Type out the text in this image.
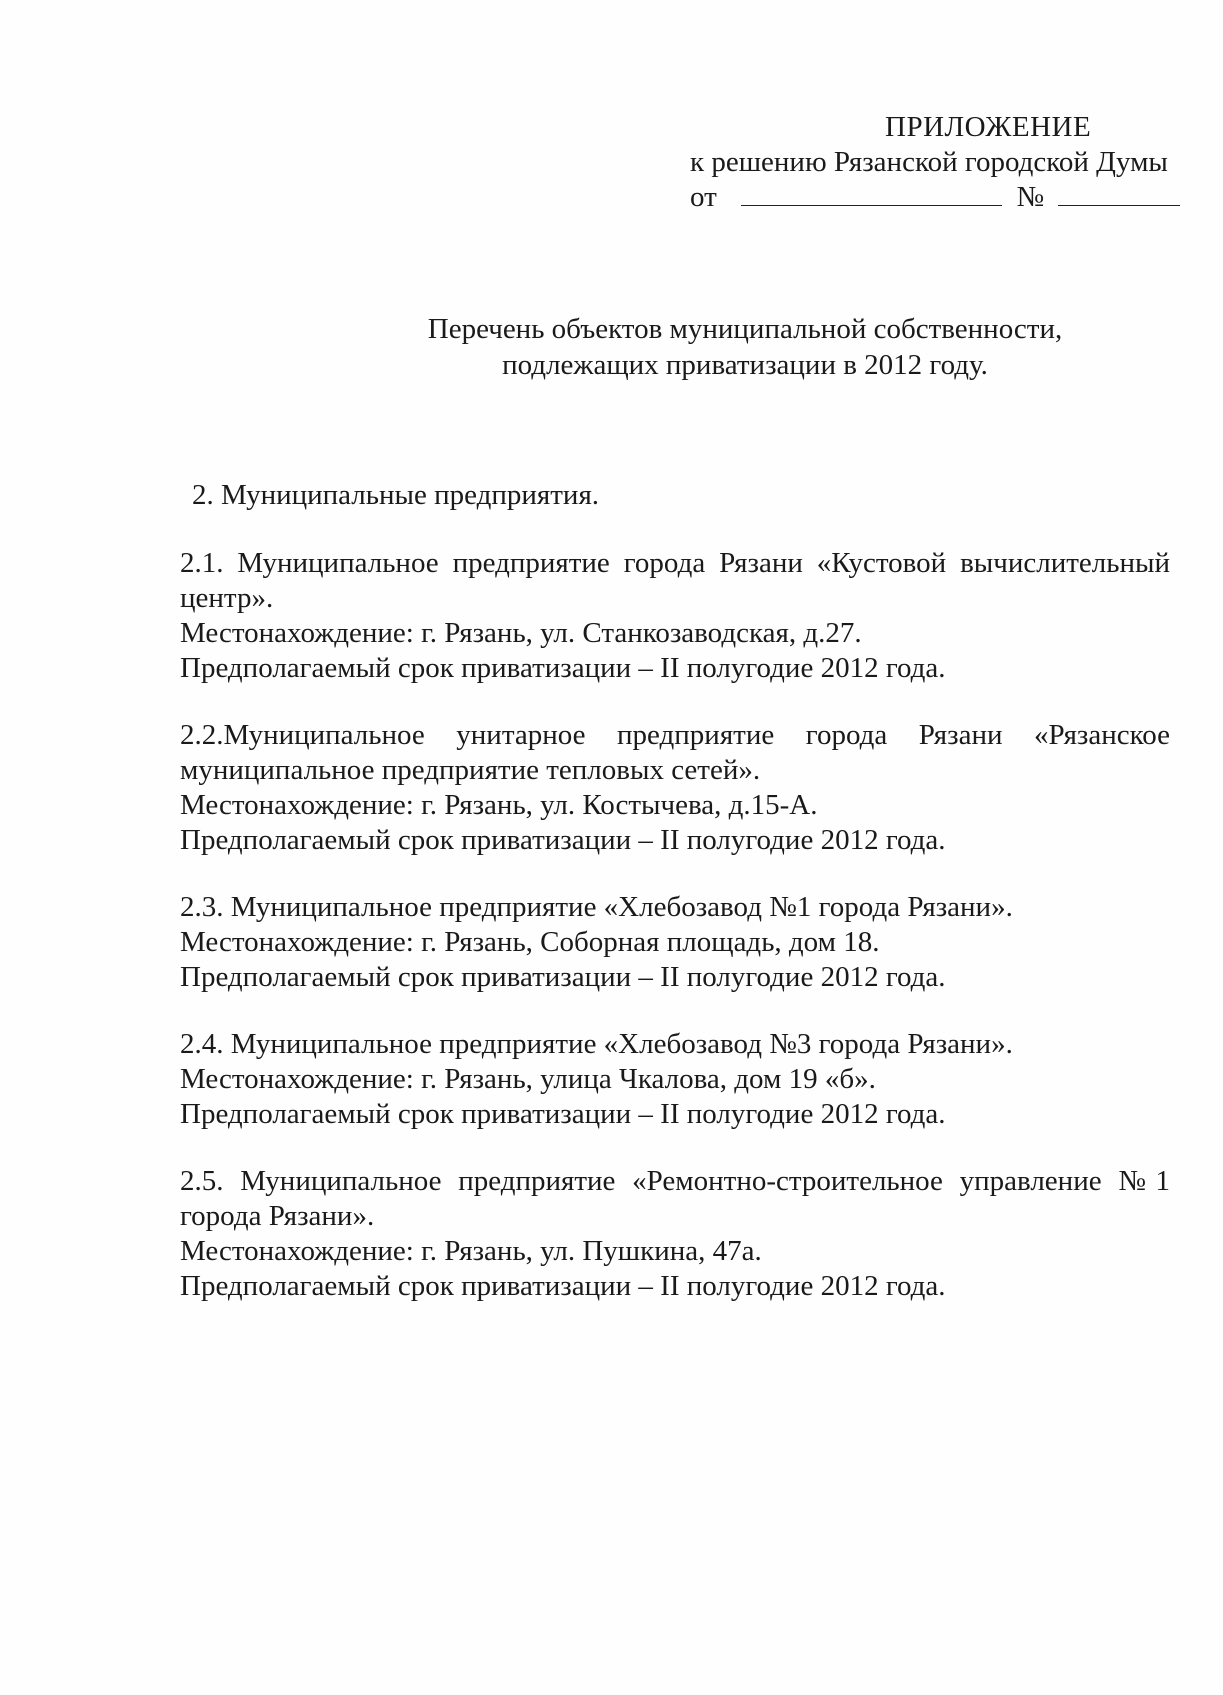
ПРИЛОЖЕНИЕ
к решению Рязанской городской Думы
от	№
Перечень объектов муниципальной собственности,
подлежащих приватизации в 2012 году.
2. Муниципальные предприятия.
2.1. Муниципальное предприятие города Рязани «Кустовой вычислительный центр».
Местонахождение: г. Рязань, ул. Станкозаводская, д.27.
Предполагаемый срок приватизации – II полугодие 2012 года.
2.2.Муниципальное унитарное предприятие города Рязани «Рязанское муниципальное предприятие тепловых сетей».
Местонахождение: г. Рязань, ул. Костычева, д.15-А.
Предполагаемый срок приватизации – II полугодие 2012 года.
2.3. Муниципальное предприятие «Хлебозавод №1 города Рязани».
Местонахождение: г. Рязань, Соборная площадь, дом 18.
Предполагаемый срок приватизации – II полугодие 2012 года.
2.4. Муниципальное предприятие «Хлебозавод №3 города Рязани».
Местонахождение: г. Рязань, улица Чкалова, дом 19 «б».
Предполагаемый срок приватизации – II полугодие 2012 года.
2.5. Муниципальное предприятие «Ремонтно-строительное управление №1 города Рязани».
Местонахождение: г. Рязань, ул. Пушкина, 47а.
Предполагаемый срок приватизации – II полугодие 2012 года.
